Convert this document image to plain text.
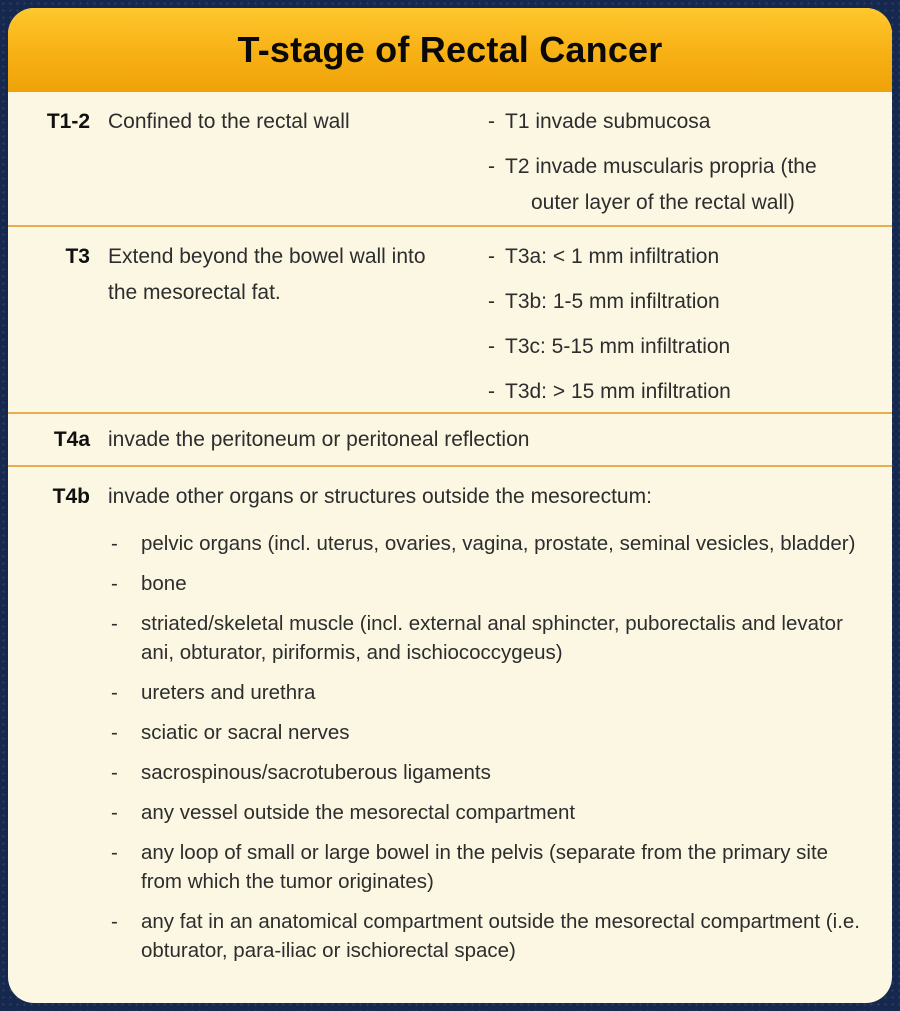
T-stage of Rectal Cancer
T1-2 Confined to the rectal wall	- T1 invade submucosa
- T2 invade muscularis propria (the outer layer of the rectal wall)
T3 Extend beyond the bowel wall into the mesorectal fat.
- T3a: < 1 mm infiltration
- T3b: 1-5 mm infiltration
- T3c: 5-15 mm infiltration
- T3d: > 15 mm infiltration
T4a invade the peritoneum or peritoneal reflection
T4b invade other organs or structures outside the mesorectum:
-	pelvic organs (incl. uterus, ovaries, vagina, prostate, seminal vesicles, bladder)
-	bone
-	striated/skeletal muscle (incl. external anal sphincter, puborectalis and levator ani, obturator, piriformis, and ischiococcygeus)
-	ureters and urethra
-	sciatic or sacral nerves
-	sacrospinous/sacrotuberous ligaments
-	any vessel outside the mesorectal compartment
-	any loop of small or large bowel in the pelvis (separate from the primary site from which the tumor originates)
-	any fat in an anatomical compartment outside the mesorectal compartment (i.e. obturator, para-iliac or ischiorectal space)
